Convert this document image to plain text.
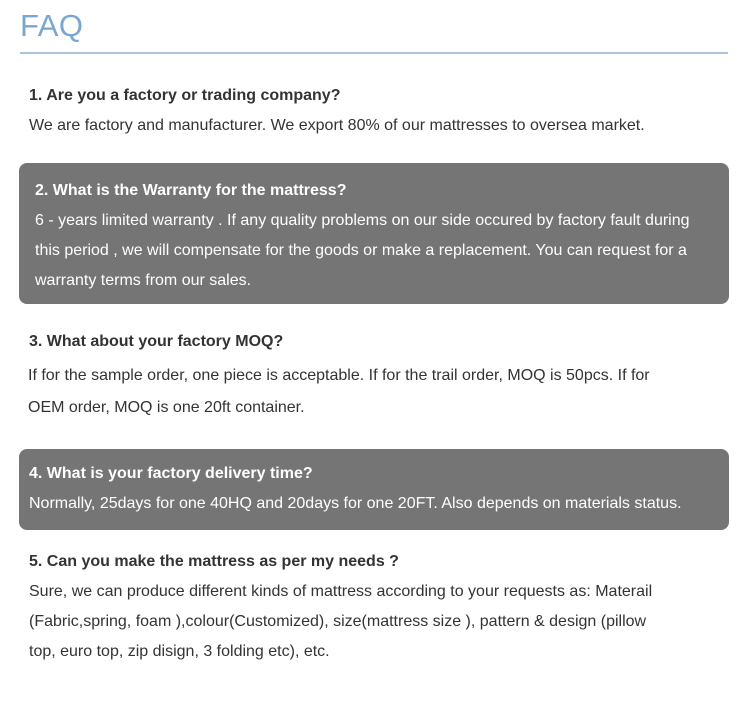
FAQ

1. Are you a factory or trading company?

We are factory and manufacturer. We export 80% of our mattresses to oversea market.

2. What is the Warranty for the mattress?

6 - years limited warranty . If any quality problems on our side occured by factory fault during this period , we will compensate for the goods or make a replacement. You can request for a warranty terms from our sales.

3. What about your factory MOQ?

If for the sample order, one piece is acceptable. If for the trail order, MOQ is 50pcs. If for OEM order, MOQ is one 20ft container.

4. What is your factory delivery time?

Normally, 25days for one 40HQ and 20days for one 20FT. Also depends on materials status.

5. Can you make the mattress as per my needs ?

Sure, we can produce different kinds of mattress according to your requests as: Materail (Fabric,spring, foam ),colour(Customized), size(mattress size ), pattern & design (pillow top, euro top, zip disign, 3 folding etc), etc.
